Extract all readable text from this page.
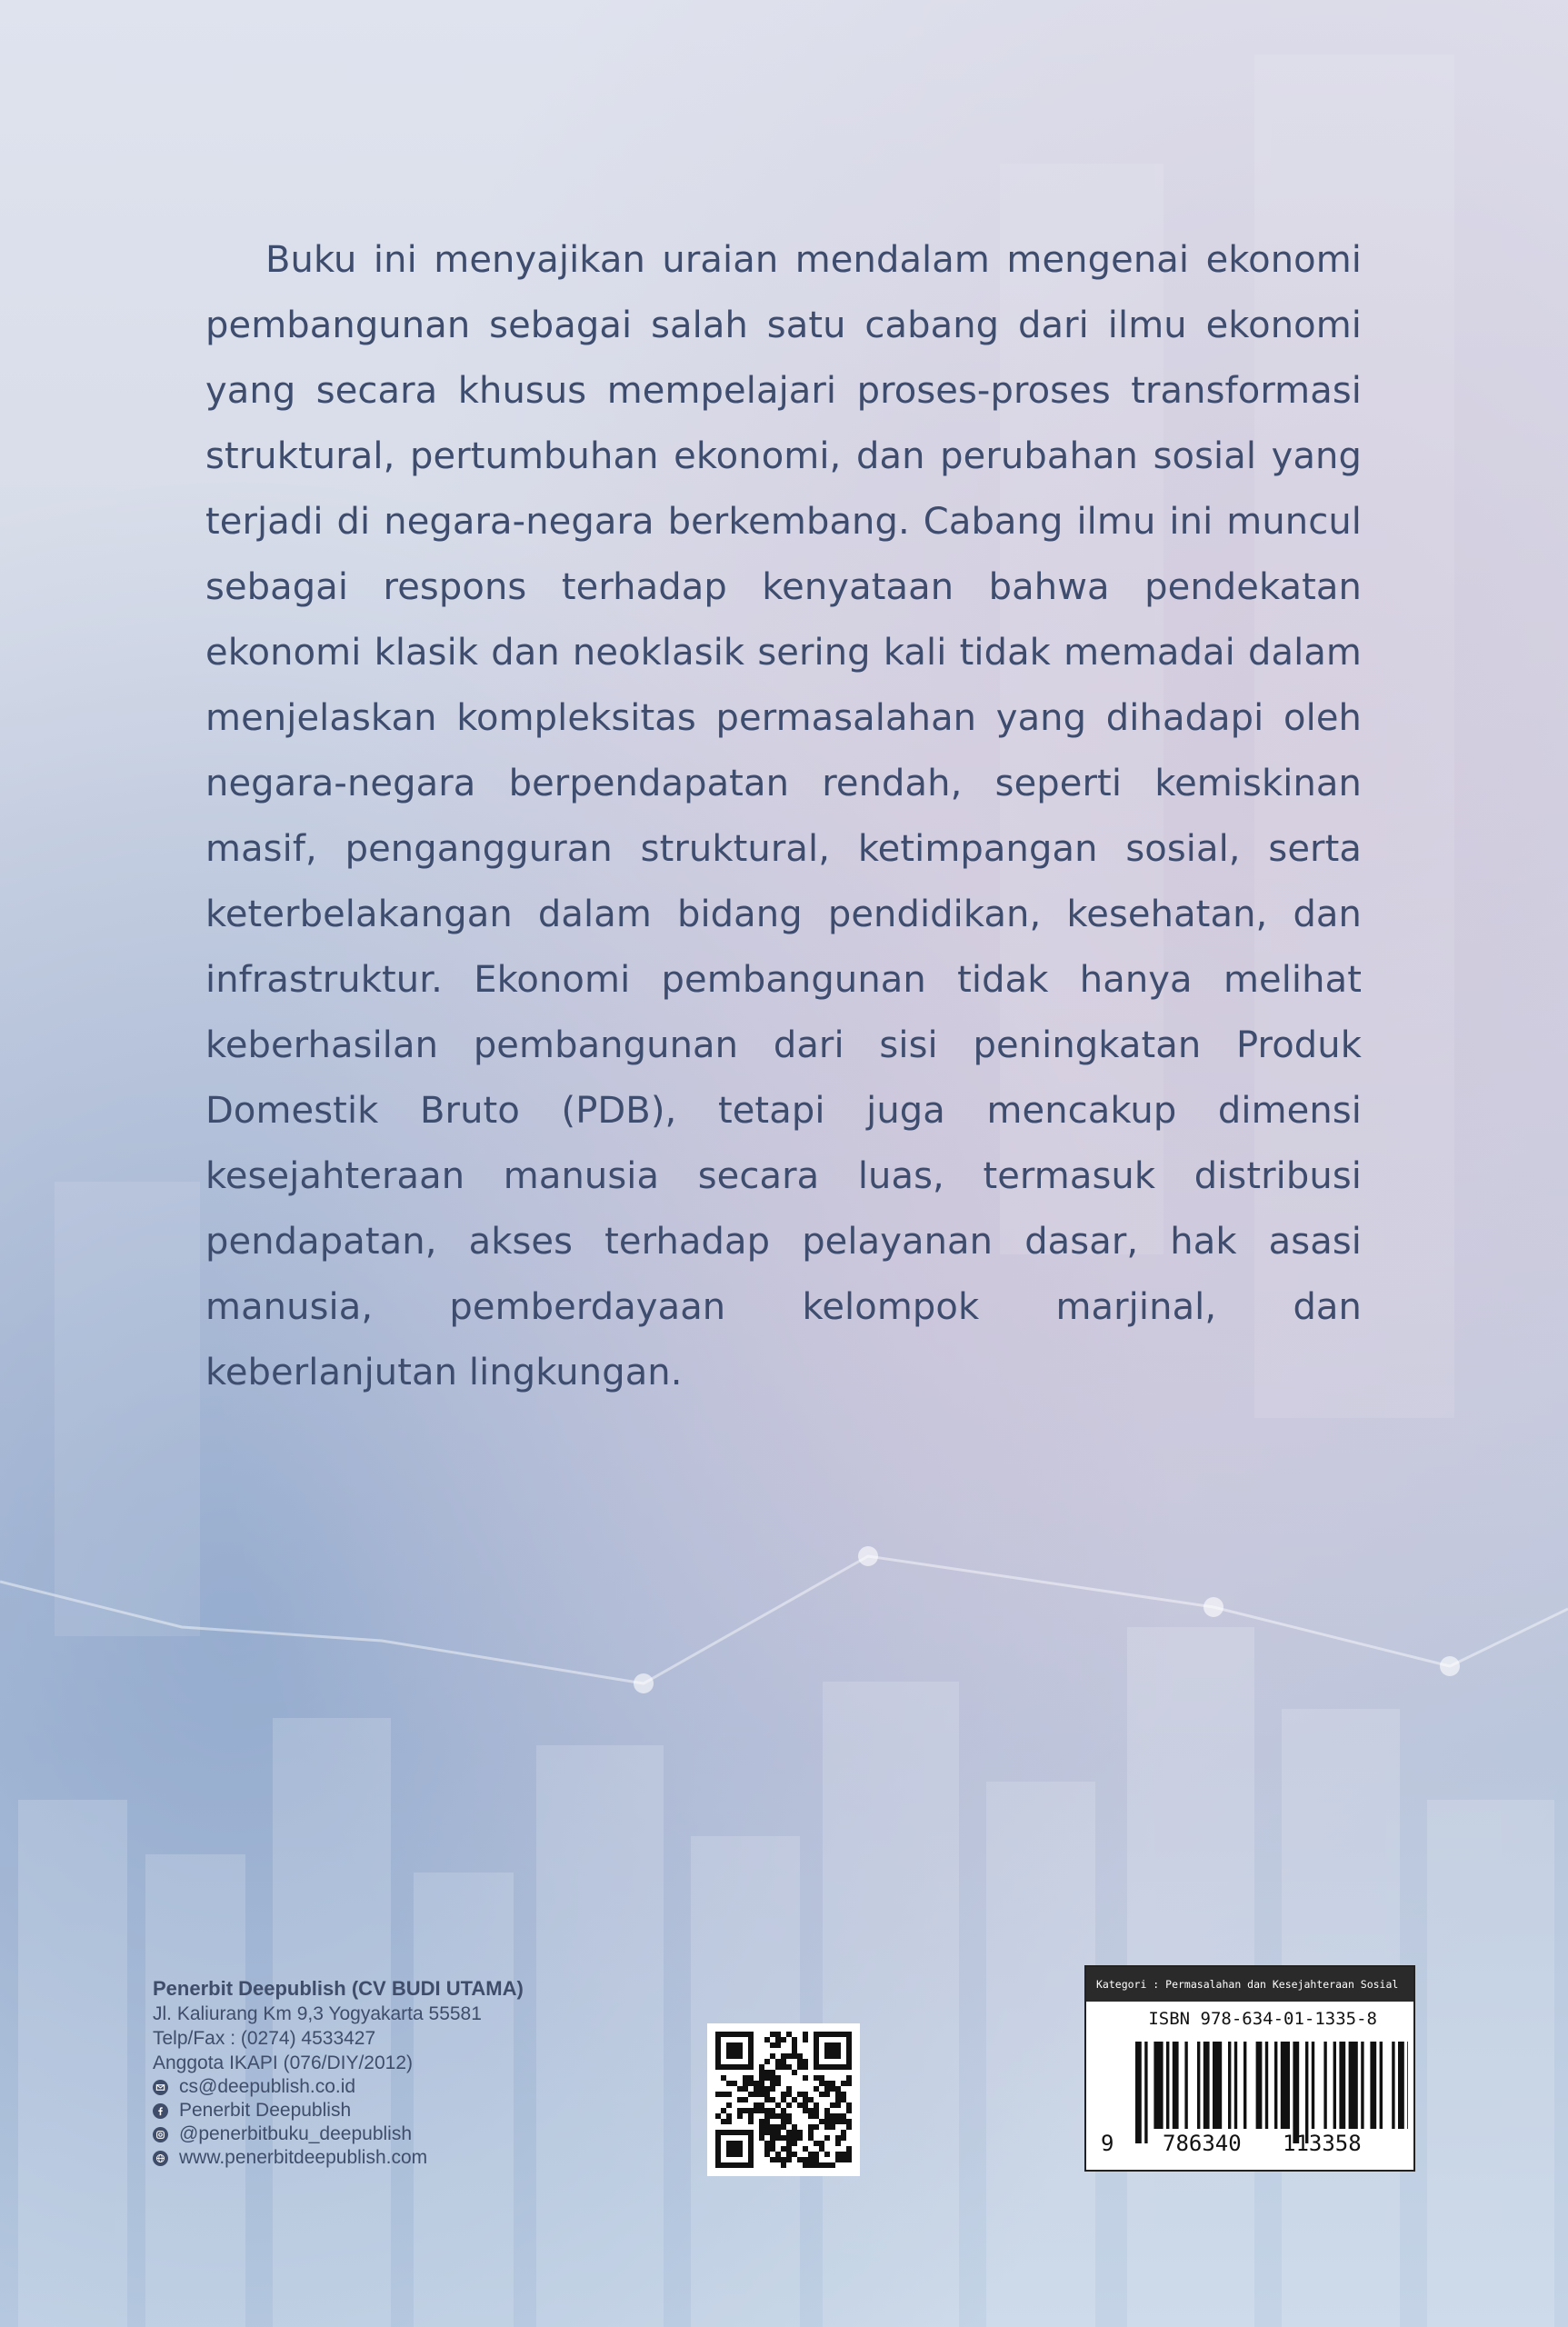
Buku ini menyajikan uraian mendalam mengenai ekonomi pembangunan sebagai salah satu cabang dari ilmu ekonomi yang secara khusus mempelajari proses-proses transformasi struktural, pertumbuhan ekonomi, dan perubahan sosial yang terjadi di negara-negara berkembang. Cabang ilmu ini muncul sebagai respons terhadap kenyataan bahwa pendekatan ekonomi klasik dan neoklasik sering kali tidak memadai dalam menjelaskan kompleksitas permasalahan yang dihadapi oleh negara-negara berpendapatan rendah, seperti kemiskinan masif, pengangguran struktural, ketimpangan sosial, serta keterbelakangan dalam bidang pendidikan, kesehatan, dan infrastruktur. Ekonomi pembangunan tidak hanya melihat keberhasilan pembangunan dari sisi peningkatan Produk Domestik Bruto (PDB), tetapi juga mencakup dimensi kesejahteraan manusia secara luas, termasuk distribusi pendapatan, akses terhadap pelayanan dasar, hak asasi manusia, pemberdayaan kelompok marjinal, dan keberlanjutan lingkungan.

Penerbit Deepublish (CV BUDI UTAMA)
Jl. Kaliurang Km 9,3 Yogyakarta 55581
Telp/Fax : (0274) 4533427
Anggota IKAPI (076/DIY/2012)
cs@deepublish.co.id
Penerbit Deepublish
@penerbitbuku_deepublish
www.penerbitdeepublish.com
Kategori : Permasalahan dan Kesejahteraan Sosial
ISBN 978-634-01-1335-8
9 786340 113358
